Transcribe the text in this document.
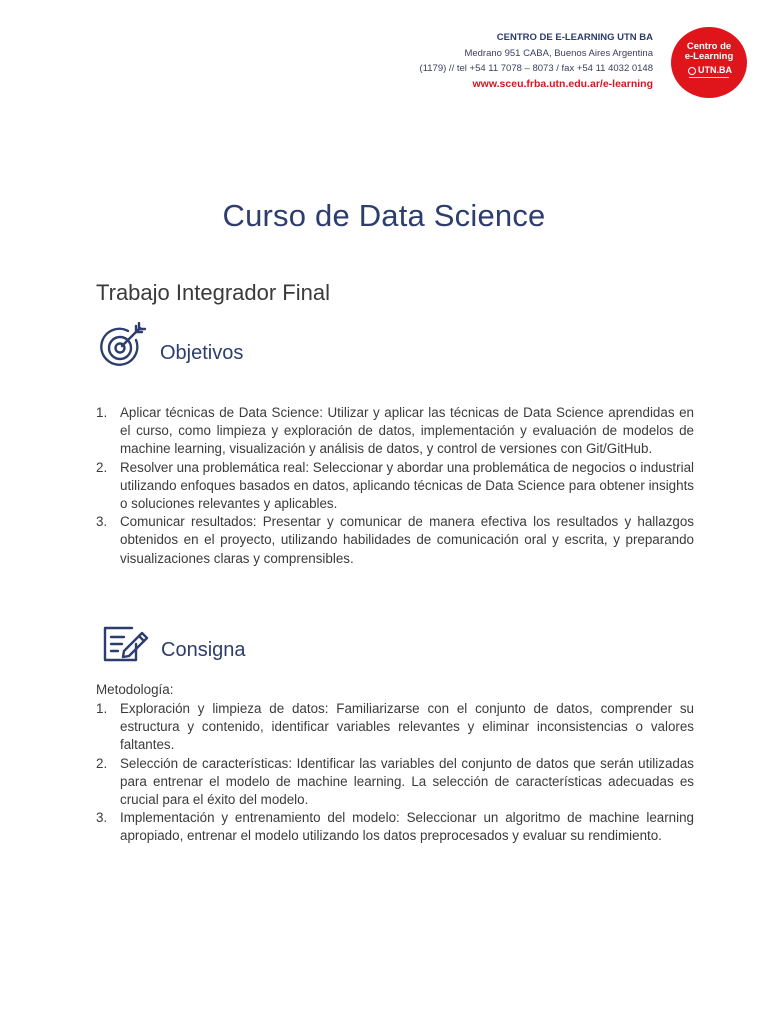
CENTRO DE E-LEARNING UTN BA
Medrano 951 CABA, Buenos Aires Argentina
(1179) // tel +54 11 7078 – 8073 / fax +54 11 4032 0148
www.sceu.frba.utn.edu.ar/e-learning
Centro de
e-Learning
UTN.BA
Curso de Data Science
Trabajo Integrador Final
Objetivos
1. Aplicar técnicas de Data Science: Utilizar y aplicar las técnicas de Data Science aprendidas en el curso, como limpieza y exploración de datos, implementación y evaluación de modelos de machine learning, visualización y análisis de datos, y control de versiones con Git/GitHub.
2. Resolver una problemática real: Seleccionar y abordar una problemática de negocios o industrial utilizando enfoques basados en datos, aplicando técnicas de Data Science para obtener insights o soluciones relevantes y aplicables.
3. Comunicar resultados: Presentar y comunicar de manera efectiva los resultados y hallazgos obtenidos en el proyecto, utilizando habilidades de comunicación oral y escrita, y preparando visualizaciones claras y comprensibles.
Consigna

Metodología:

1. Exploración y limpieza de datos: Familiarizarse con el conjunto de datos, comprender su estructura y contenido, identificar variables relevantes y eliminar inconsistencias o valores faltantes.
2. Selección de características: Identificar las variables del conjunto de datos que serán utilizadas para entrenar el modelo de machine learning. La selección de características adecuadas es crucial para el éxito del modelo.
3. Implementación y entrenamiento del modelo: Seleccionar un algoritmo de machine learning apropiado, entrenar el modelo utilizando los datos preprocesados y evaluar su rendimiento.
